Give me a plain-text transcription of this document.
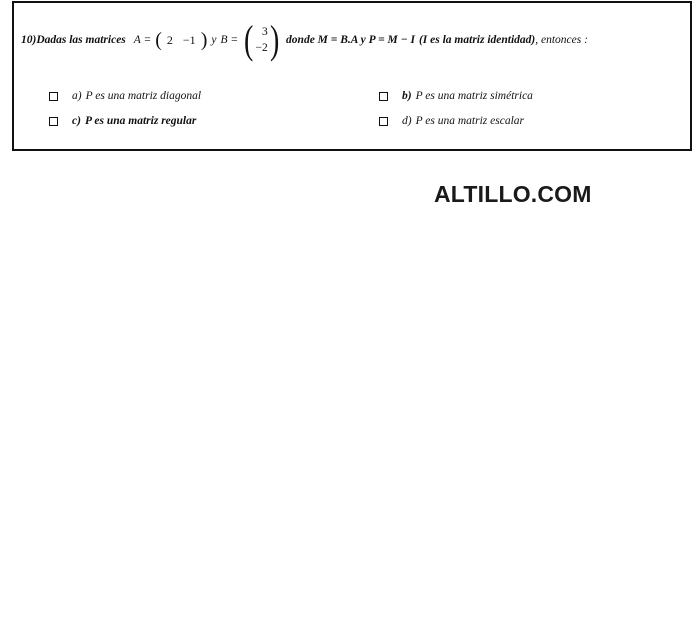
10)Dadas las matrices A = ( 2 −1 ) y B = ( 3
−2 ) donde M = B.A y P = M − I (I es la matriz identidad) , entonces :
a) P es una matriz diagonal	b) P es una matriz simétrica
c) P es una matriz regular	d) P es una matriz escalar
ALTILLO.COM
